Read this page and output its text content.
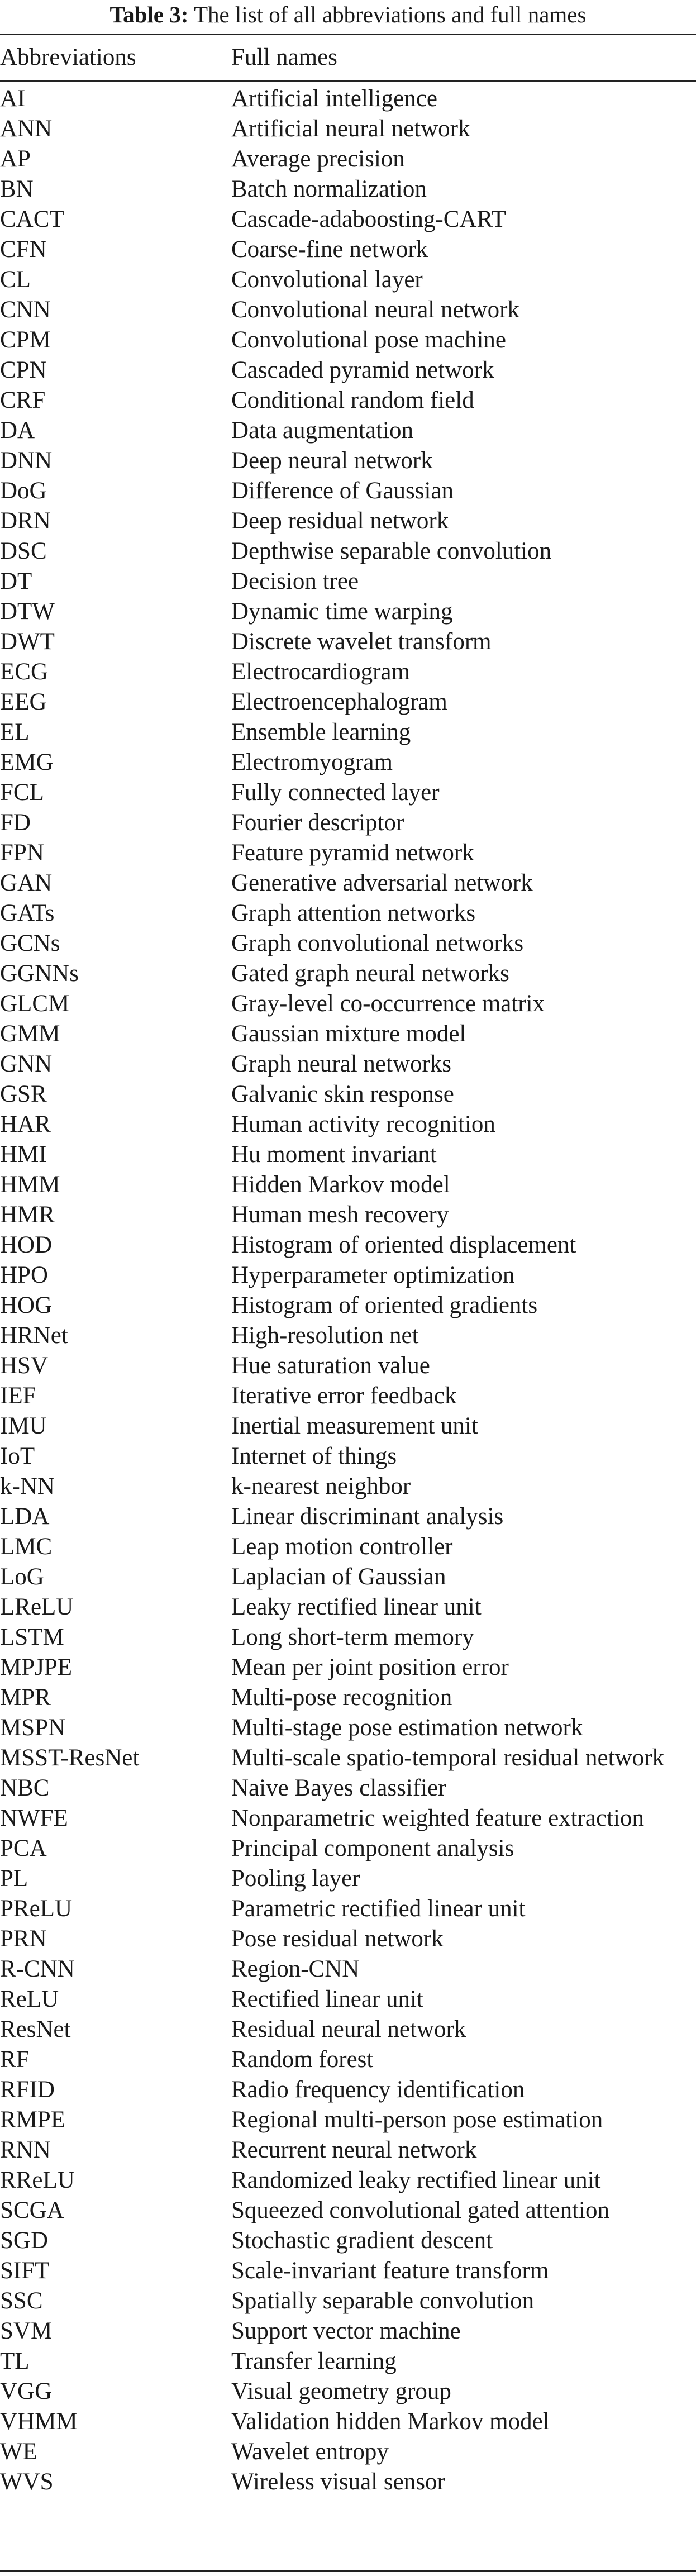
Table 3: The list of all abbreviations and full names
Abbreviations	Full names
AI	Artificial intelligence
ANN	Artificial neural network
AP	Average precision
BN	Batch normalization
CACT	Cascade-adaboosting-CART
CFN	Coarse-fine network
CL	Convolutional layer
CNN	Convolutional neural network
CPM	Convolutional pose machine
CPN	Cascaded pyramid network
CRF	Conditional random field
DA	Data augmentation
DNN	Deep neural network
DoG	Difference of Gaussian
DRN	Deep residual network
DSC	Depthwise separable convolution
DT	Decision tree
DTW	Dynamic time warping
DWT	Discrete wavelet transform
ECG	Electrocardiogram
EEG	Electroencephalogram
EL	Ensemble learning
EMG	Electromyogram
FCL	Fully connected layer
FD	Fourier descriptor
FPN	Feature pyramid network
GAN	Generative adversarial network
GATs	Graph attention networks
GCNs	Graph convolutional networks
GGNNs	Gated graph neural networks
GLCM	Gray-level co-occurrence matrix
GMM	Gaussian mixture model
GNN	Graph neural networks
GSR	Galvanic skin response
HAR	Human activity recognition
HMI	Hu moment invariant
HMM	Hidden Markov model
HMR	Human mesh recovery
HOD	Histogram of oriented displacement
HPO	Hyperparameter optimization
HOG	Histogram of oriented gradients
HRNet	High-resolution net
HSV	Hue saturation value
IEF	Iterative error feedback
IMU	Inertial measurement unit
IoT	Internet of things
k-NN	k-nearest neighbor
LDA	Linear discriminant analysis
LMC	Leap motion controller
LoG	Laplacian of Gaussian
LReLU	Leaky rectified linear unit
LSTM	Long short-term memory
MPJPE	Mean per joint position error
MPR	Multi-pose recognition
MSPN	Multi-stage pose estimation network
MSST-ResNet	Multi-scale spatio-temporal residual network
NBC	Naive Bayes classifier
NWFE	Nonparametric weighted feature extraction
PCA	Principal component analysis
PL	Pooling layer
PReLU	Parametric rectified linear unit
PRN	Pose residual network
R-CNN	Region-CNN
ReLU	Rectified linear unit
ResNet	Residual neural network
RF	Random forest
RFID	Radio frequency identification
RMPE	Regional multi-person pose estimation
RNN	Recurrent neural network
RReLU	Randomized leaky rectified linear unit
SCGA	Squeezed convolutional gated attention
SGD	Stochastic gradient descent
SIFT	Scale-invariant feature transform
SSC	Spatially separable convolution
SVM	Support vector machine
TL	Transfer learning
VGG	Visual geometry group
VHMM	Validation hidden Markov model
WE	Wavelet entropy
WVS	Wireless visual sensor
